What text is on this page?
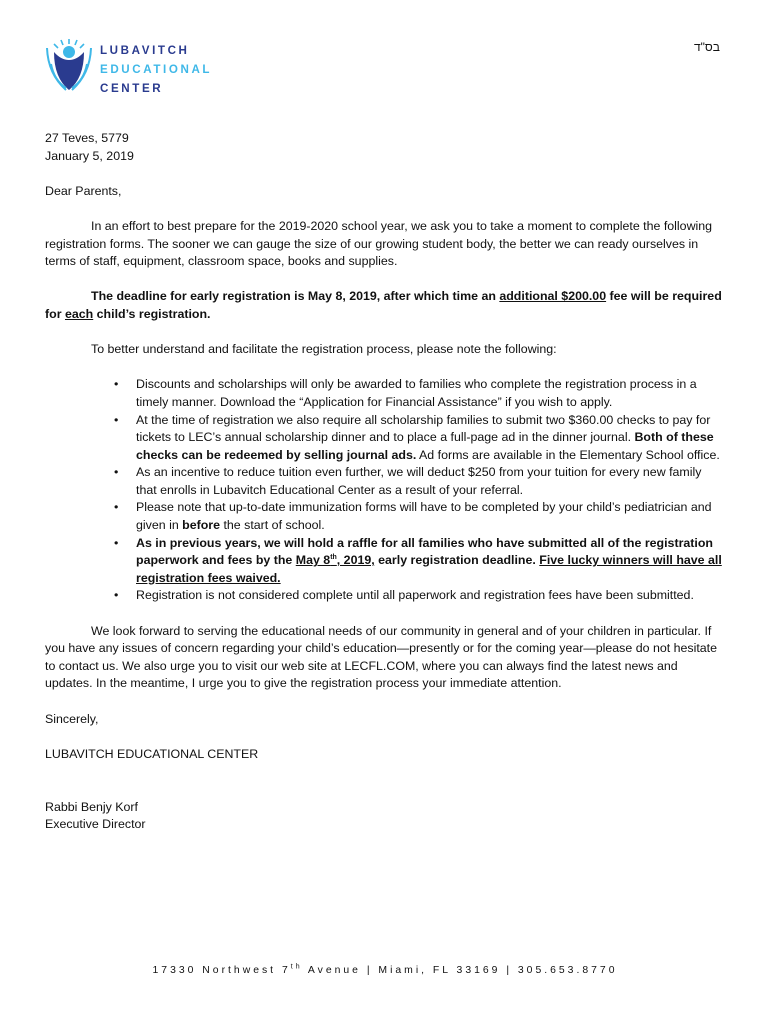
LUBAVITCH
EDUCATIONAL
CENTER
בס"ד

27 Teves, 5779

January 5, 2019

Dear Parents,

In an effort to best prepare for the 2019-2020 school year, we ask you to take a moment to complete the following registration forms. The sooner we can gauge the size of our growing student body, the better we can ready ourselves in terms of staff, equipment, classroom space, books and supplies.

The deadline for early registration is May 8, 2019, after which time an additional $200.00 fee will be required for each child’s registration.

To better understand and facilitate the registration process, please note the following:

• Discounts and scholarships will only be awarded to families who complete the registration process in a timely manner. Download the “Application for Financial Assistance” if you wish to apply.
• At the time of registration we also require all scholarship families to submit two $360.00 checks to pay for tickets to LEC’s annual scholarship dinner and to place a full-page ad in the dinner journal. Both of these checks can be redeemed by selling journal ads. Ad forms are available in the Elementary School office.
• As an incentive to reduce tuition even further, we will deduct $250 from your tuition for every new family that enrolls in Lubavitch Educational Center as a result of your referral.
• Please note that up-to-date immunization forms will have to be completed by your child’s pediatrician and given in before the start of school.
• As in previous years, we will hold a raffle for all families who have submitted all of the registration paperwork and fees by the May 8th, 2019, early registration deadline. Five lucky winners will have all registration fees waived.
• Registration is not considered complete until all paperwork and registration fees have been submitted.

We look forward to serving the educational needs of our community in general and of your children in particular. If you have any issues of concern regarding your child’s education—presently or for the coming year—please do not hesitate to contact us. We also urge you to visit our web site at LECFL.COM, where you can always find the latest news and updates. In the meantime, I urge you to give the registration process your immediate attention.

Sincerely,

LUBAVITCH EDUCATIONAL CENTER

Rabbi Benjy Korf

Executive Director

17330 Northwest 7th Avenue | Miami, FL 33169 | 305.653.8770
